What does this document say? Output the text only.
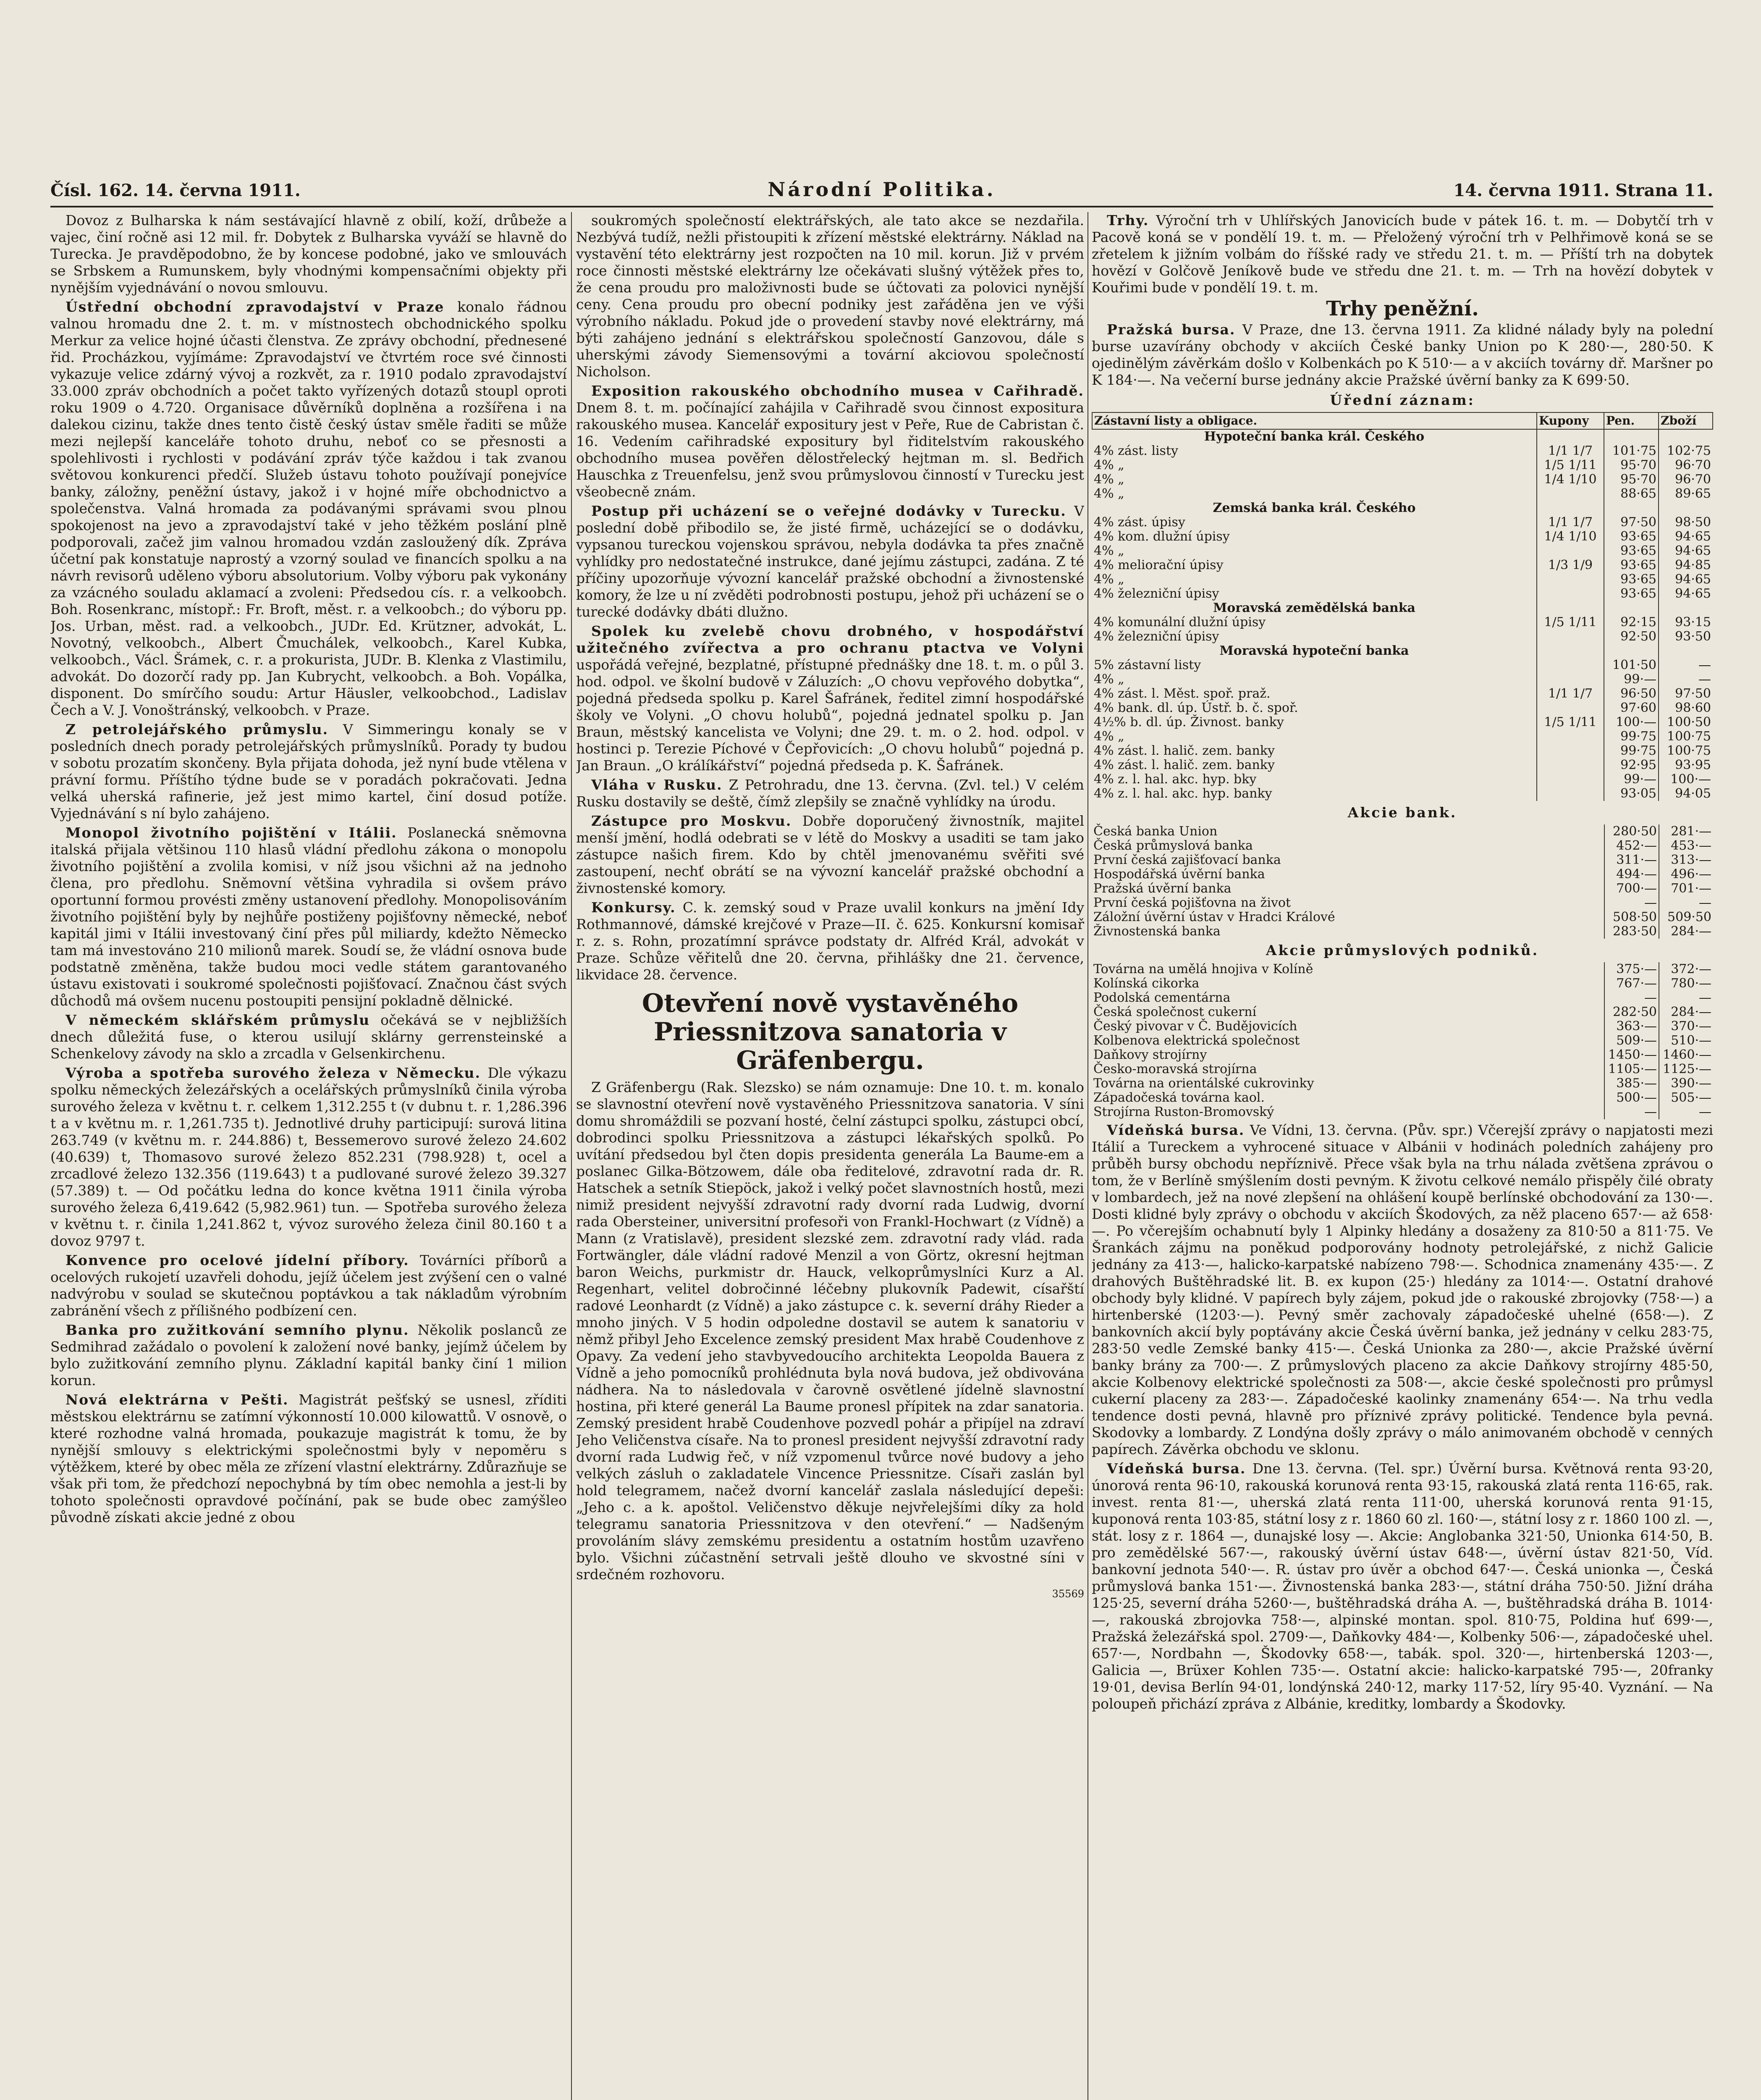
Čísl. 162. 14. června 1911.	Národní Politika.	14. června 1911. Strana 11.

Dovoz z Bulharska k nám sestávající hlavně z obilí, koží, drůbeže a vajec, činí ročně asi 12 mil. fr. Dobytek z Bulharska vyváží se hlavně do Turecka. Je pravděpodobno, že by koncese podobné, jako ve smlouvách se Srbskem a Rumunskem, byly vhodnými kompensačními objekty při nynějším vyjednávání o novou smlouvu.

Ústřední obchodní zpravodajství v Praze konalo řádnou valnou hromadu dne 2. t. m. v místnostech obchodnického spolku Merkur za velice hojné účasti členstva. Ze zprávy obchodní, přednesené řid. Procházkou, vyjímáme: Zpravodajství ve čtvrtém roce své činnosti vykazuje velice zdárný vývoj a rozkvět, za r. 1910 podalo zpravodajství 33.000 zpráv obchodních a počet takto vyřízených dotazů stoupl oproti roku 1909 o 4.720. Organisace důvěrníků doplněna a rozšířena i na dalekou cizinu, takže dnes tento čistě český ústav směle řaditi se může mezi nejlepší kanceláře tohoto druhu, neboť co se přesnosti a spolehlivosti i rychlosti v podávání zpráv týče každou i tak zvanou světovou konkurenci předčí. Služeb ústavu tohoto používají ponejvíce banky, záložny, peněžní ústavy, jakož i v hojné míře obchodnictvo a společenstva. Valná hromada za podávanými správami svou plnou spokojenost na jevo a zpravodajství také v jeho těžkém poslání plně podporovali, začež jim valnou hromadou vzdán zasloužený dík. Zpráva účetní pak konstatuje naprostý a vzorný soulad ve financích spolku a na návrh revisorů uděleno výboru absolutorium. Volby výboru pak vykonány za vzácného souladu aklamací a zvoleni: Předsedou cís. r. a velkoobch. Boh. Rosenkranc, místopř.: Fr. Broft, měst. r. a velkoobch.; do výboru pp. Jos. Urban, měst. rad. a velkoobch., JUDr. Ed. Krützner, advokát, L. Novotný, velkoobch., Albert Čmuchálek, velkoobch., Karel Kubka, velkoobch., Václ. Šrámek, c. r. a prokurista, JUDr. B. Klenka z Vlastimilu, advokát. Do dozorčí rady pp. Jan Kubrycht, velkoobch. a Boh. Vopálka, disponent. Do smírčího soudu: Artur Häusler, velkoobchod., Ladislav Čech a V. J. Vonoštránský, velkoobch. v Praze.

Z petrolejářského průmyslu. V Simmeringu konaly se v posledních dnech porady petrolejářských průmyslníků. Porady ty budou v sobotu prozatím skončeny. Byla přijata dohoda, jež nyní bude vtělena v právní formu. Příštího týdne bude se v poradách pokračovati. Jedna velká uherská rafinerie, jež jest mimo kartel, činí dosud potíže. Vyjednávání s ní bylo zahájeno.

Monopol životního pojištění v Itálii. Poslanecká sněmovna italská přijala většinou 110 hlasů vládní předlohu zákona o monopolu životního pojištění a zvolila komisi, v níž jsou všichni až na jednoho člena, pro předlohu. Sněmovní většina vyhradila si ovšem právo oportunní formou provésti změny ustanovení předlohy. Monopolisováním životního pojištění byly by nejhůře postiženy pojišťovny německé, neboť kapitál jimi v Itálii investovaný činí přes půl miliardy, kdežto Německo tam má investováno 210 milionů marek. Soudí se, že vládní osnova bude podstatně změněna, takže budou moci vedle státem garantovaného ústavu existovati i soukromé společnosti pojišťovací. Značnou část svých důchodů má ovšem nucenu postoupiti pensijní pokladně dělnické.

V německém sklářském průmyslu očekává se v nejbližších dnech důležitá fuse, o kterou usilují sklárny gerrensteinské a Schenkelovy závody na sklo a zrcadla v Gelsenkirchenu.

Výroba a spotřeba surového železa v Německu. Dle výkazu spolku německých železářských a ocelářských průmyslníků činila výroba surového železa v květnu t. r. celkem 1,312.255 t (v dubnu t. r. 1,286.396 t a v květnu m. r. 1,261.735 t). Jednotlivé druhy participují: surová litina 263.749 (v květnu m. r. 244.886) t, Bessemerovo surové železo 24.602 (40.639) t, Thomasovo surové železo 852.231 (798.928) t, ocel a zrcadlové železo 132.356 (119.643) t a pudlované surové železo 39.327 (57.389) t. — Od počátku ledna do konce května 1911 činila výroba surového železa 6,419.642 (5,982.961) tun. — Spotřeba surového železa v květnu t. r. činila 1,241.862 t, vývoz surového železa činil 80.160 t a dovoz 9797 t.

Konvence pro ocelové jídelní příbory. Továrníci příborů a ocelových rukojetí uzavřeli dohodu, jejíž účelem jest zvýšení cen o valné nadvýrobu v soulad se skutečnou poptávkou a tak nákladům výrobním zabránění všech z přílišného podbízení cen.

Banka pro zužitkování semního plynu. Několik poslanců ze Sedmihrad zažádalo o povolení k založení nové banky, jejímž účelem by bylo zužitkování zemního plynu. Základní kapitál banky činí 1 milion korun.

Nová elektrárna v Pešti. Magistrát pešťský se usnesl, zříditi městskou elektrárnu se zatímní výkonností 10.000 kilowattů. V osnově, o které rozhodne valná hromada, poukazuje magistrát k tomu, že by nynější smlouvy s elektrickými společnostmi byly v nepoměru s výtěžkem, které by obec měla ze zřízení vlastní elektrárny. Zdůrazňuje se však při tom, že předchozí nepochybná by tím obec nemohla a jest-li by tohoto společnosti opravdové počínání, pak se bude obec zamýšleo původně získati akcie jedné z obou

soukromých společností elektrářských, ale tato akce se nezdařila. Nezbývá tudíž, nežli přistoupiti k zřízení městské elektrárny. Náklad na vystavění této elektrárny jest rozpočten na 10 mil. korun. Již v prvém roce činnosti městské elektrárny lze očekávati slušný výtěžek přes to, že cena proudu pro maloživnosti bude se účtovati za polovici nynější ceny. Cena proudu pro obecní podniky jest zařáděna jen ve výši výrobního nákladu. Pokud jde o provedení stavby nové elektrárny, má býti zahájeno jednání s elektrářskou společností Ganzovou, dále s uherskými závody Siemensovými a tovární akciovou společností Nicholson.

Exposition rakouského obchodního musea v Cařihradě. Dnem 8. t. m. počínající zahájila v Cařihradě svou činnost expositura rakouského musea. Kancelář expositury jest v Peře, Rue de Cabristan č. 16. Vedením cařihradské expositury byl řiditelstvím rakouského obchodního musea pověřen dělostřelecký hejtman m. sl. Bedřich Hauschka z Treuenfelsu, jenž svou průmyslovou činností v Turecku jest všeobecně znám.

Postup při ucházení se o veřejné dodávky v Turecku. V poslední době přibodilo se, že jisté firmě, ucházející se o dodávku, vypsanou tureckou vojenskou správou, nebyla dodávka ta přes značně vyhlídky pro nedostatečné instrukce, dané jejímu zástupci, zadána. Z té příčiny upozorňuje vývozní kancelář pražské obchodní a živnostenské komory, že lze u ní zvěděti podrobnosti postupu, jehož při ucházení se o turecké dodávky dbáti dlužno.

Spolek ku zvelebě chovu drobného, v hospodářství užitečného zvířectva a pro ochranu ptactva ve Volyni uspořádá veřejné, bezplatné, přístupné přednášky dne 18. t. m. o půl 3. hod. odpol. ve školní budově v Záluzích: „O chovu vepřového dobytka“, pojedná předseda spolku p. Karel Šafránek, ředitel zimní hospodářské školy ve Volyni. „O chovu holubů“, pojedná jednatel spolku p. Jan Braun, městský kancelista ve Volyni; dne 29. t. m. o 2. hod. odpol. v hostinci p. Terezie Píchové v Čepřovicích: „O chovu holubů“ pojedná p. Jan Braun. „O králíkářství“ pojedná předseda p. K. Šafránek.

Vláha v Rusku. Z Petrohradu, dne 13. června. (Zvl. tel.) V celém Rusku dostavily se deště, čímž zlepšily se značně vyhlídky na úrodu.

Zástupce pro Moskvu. Dobře doporučený živnostník, majitel menší jmění, hodlá odebrati se v létě do Moskvy a usaditi se tam jako zástupce našich firem. Kdo by chtěl jmenovanému svěřiti své zastoupení, nechť obrátí se na vývozní kancelář pražské obchodní a živnostenské komory.

Konkursy. C. k. zemský soud v Praze uvalil konkurs na jmění Idy Rothmannové, dámské krejčové v Praze—II. č. 625. Konkursní komisař r. z. s. Rohn, prozatímní správce podstaty dr. Alfréd Král, advokát v Praze. Schůze věřitelů dne 20. června, přihlášky dne 21. července, likvidace 28. července.

Otevření nově vystavěného Priessnitzova sanatoria v Gräfenbergu.

Z Gräfenbergu (Rak. Slezsko) se nám oznamuje: Dne 10. t. m. konalo se slavnostní otevření nově vystavěného Priessnitzova sanatoria. V síni domu shromáždili se pozvaní hosté, čelní zástupci spolku, zástupci obcí, dobrodinci spolku Priessnitzova a zástupci lékařských spolků. Po uvítání předsedou byl čten dopis presidenta generála La Baume-em a poslanec Gilka-Bötzowem, dále oba ředitelové, zdravotní rada dr. R. Hatschek a setník Stiepöck, jakož i velký počet slavnostních hostů, mezi nimiž president nejvyšší zdravotní rady dvorní rada Ludwig, dvorní rada Obersteiner, universitní profesoři von Frankl-Hochwart (z Vídně) a Mann (z Vratislavě), president slezské zem. zdravotní rady vlád. rada Fortwängler, dále vládní radové Menzil a von Görtz, okresní hejtman baron Weichs, purkmistr dr. Hauck, velkoprůmyslníci Kurz a Al. Regenhart, velitel dobročinné léčebny plukovník Padewit, císařští radové Leonhardt (z Vídně) a jako zástupce c. k. severní dráhy Rieder a mnoho jiných. V 5 hodin odpoledne dostavil se autem k sanatoriu v němž přibyl Jeho Excelence zemský president Max hrabě Coudenhove z Opavy. Za vedení jeho stavbyvedoucího architekta Leopolda Bauera z Vídně a jeho pomocníků prohlédnuta byla nová budova, jež obdivována nádhera. Na to následovala v čarovně osvětlené jídelně slavnostní hostina, při které generál La Baume pronesl přípitek na zdar sanatoria. Zemský president hrabě Coudenhove pozvedl pohár a připíjel na zdraví Jeho Veličenstva císaře. Na to pronesl president nejvyšší zdravotní rady dvorní rada Ludwig řeč, v níž vzpomenul tvůrce nové budovy a jeho velkých zásluh o zakladatele Vincence Priessnitze. Císaři zaslán byl hold telegramem, načež dvorní kancelář zaslala následující depeši: „Jeho c. a k. apoštol. Veličenstvo děkuje nejvřelejšími díky za hold telegramu sanatoria Priessnitzova v den otevření.“ — Nadšeným provoláním slávy zemskému presidentu a ostatním hostům uzavřeno bylo. Všichni zúčastnění setrvali ještě dlouho ve skvostné síni v srdečném rozhovoru.

35569

Trhy. Výroční trh v Uhlířských Janovicích bude v pátek 16. t. m. — Dobytčí trh v Pacově koná se v pondělí 19. t. m. — Přeložený výroční trh v Pelhřimově koná se se zřetelem k jižním volbám do říšské rady ve středu 21. t. m. — Příští trh na dobytek hovězí v Golčově Jeníkově bude ve středu dne 21. t. m. — Trh na hovězí dobytek v Kouřimi bude v pondělí 19. t. m.

Trhy peněžní.

Pražská bursa. V Praze, dne 13. června 1911. Za klidné nálady byly na polední burse uzavírány obchody v akciích České banky Union po K 280·—, 280·50. K ojedinělým závěrkám došlo v Kolbenkách po K 510·— a v akciích továrny dř. Maršner po K 184·—. Na večerní burse jednány akcie Pražské úvěrní banky za K 699·50.

Úřední záznam:
Zástavní listy a obligace.	Kupony	Pen.	Zboží
Hypoteční banka král. Českého			
4% zást. listy	1/1 1/7	101·75	102·75
4% „	1/5 1/11	95·70	96·70
4% „	1/4 1/10	95·70	96·70
4% „		88·65	89·65
Zemská banka král. Českého			
4% zást. úpisy	1/1 1/7	97·50	98·50
4% kom. dlužní úpisy	1/4 1/10	93·65	94·65
4% „		93·65	94·65
4% meliorační úpisy	1/3 1/9	93·65	94·85
4% „		93·65	94·65
4% železniční úpisy		93·65	94·65
Moravská zemědělská banka			
4% komunální dlužní úpisy	1/5 1/11	92·15	93·15
4% železniční úpisy		92·50	93·50
Moravská hypoteční banka			
5% zástavní listy		101·50	—
4% „		99·—	—
4% zást. l. Měst. spoř. praž.	1/1 1/7	96·50	97·50
4% bank. dl. úp. Ústř. b. č. spoř.		97·60	98·60
4½% b. dl. úp. Živnost. banky	1/5 1/11	100·—	100·50
4% „		99·75	100·75
4% zást. l. halič. zem. banky		99·75	100·75
4% zást. l. halič. zem. banky		92·95	93·95
4% z. l. hal. akc. hyp. bky		99·—	100·—
4% z. l. hal. akc. hyp. banky		93·05	94·05
Akcie bank.
Česká banka Union	280·50	281·—
Česká průmyslová banka	452·—	453·—
První česká zajišťovací banka	311·—	313·—
Hospodářská úvěrní banka	494·—	496·—
Pražská úvěrní banka	700·—	701·—
První česká pojišťovna na život	—	—
Záložní úvěrní ústav v Hradci Králové	508·50	509·50
Živnostenská banka	283·50	284·—
Akcie průmyslových podniků.
Továrna na umělá hnojiva v Kolíně	375·—	372·—
Kolínská cikorka	767·—	780·—
Podolská cementárna	—	—
Česká společnost cukerní	282·50	284·—
Český pivovar v Č. Budějovicích	363·—	370·—
Kolbenova elektrická společnost	509·—	510·—
Daňkovy strojírny	1450·—	1460·—
Česko-moravská strojírna	1105·—	1125·—
Továrna na orientálské cukrovinky	385·—	390·—
Západočeská továrna kaol.	500·—	505·—
Strojírna Ruston-Bromovský	—	—

Vídeňská bursa. Ve Vídni, 13. června. (Pův. spr.) Včerejší zprávy o napjatosti mezi Itálií a Tureckem a vyhrocené situace v Albánii v hodinách poledních zahájeny pro průběh bursy obchodu nepříznivě. Přece však byla na trhu nálada zvětšena zprávou o tom, že v Berlíně smýšlením dosti pevným. K životu celkové nemálo přispěly čilé obraty v lombardech, jež na nové zlepšení na ohlášení koupě berlínské obchodování za 130·—. Dosti klidné byly zprávy o obchodu v akciích Škodových, za něž placeno 657·— až 658·—. Po včerejším ochabnutí byly 1 Alpinky hledány a dosaženy za 810·50 a 811·75. Ve Šrankách zájmu na poněkud podporovány hodnoty petrolejářské, z nichž Galicie jednány za 413·—, halicko-karpatské nabízeno 798·—. Schodnica znamenány 435·—. Z drahových Buštěhradské lit. B. ex kupon (25·) hledány za 1014·—. Ostatní drahové obchody byly klidné. V papírech byly zájem, pokud jde o rakouské zbrojovky (758·—) a hirtenberské (1203·—). Pevný směr zachovaly západočeské uhelné (658·—). Z bankovních akcií byly poptávány akcie Česká úvěrní banka, jež jednány v celku 283·75, 283·50 vedle Zemské banky 415·—. Česká Unionka za 280·—, akcie Pražské úvěrní banky brány za 700·—. Z průmyslových placeno za akcie Daňkovy strojírny 485·50, akcie Kolbenovy elektrické společnosti za 508·—, akcie české společnosti pro průmysl cukerní placeny za 283·—. Západočeské kaolinky znamenány 654·—. Na trhu vedla tendence dosti pevná, hlavně pro příznivé zprávy politické. Tendence byla pevná. Skodovky a lombardy. Z Londýna došly zprávy o málo animovaném obchodě v cenných papírech. Závěrka obchodu ve sklonu.

Vídeňská bursa. Dne 13. června. (Tel. spr.) Úvěrní bursa. Květnová renta 93·20, únorová renta 96·10, rakouská korunová renta 93·15, rakouská zlatá renta 116·65, rak. invest. renta 81·—, uherská zlatá renta 111·00, uherská korunová renta 91·15, kuponová renta 103·85, státní losy z r. 1860 60 zl. 160·—, státní losy z r. 1860 100 zl. —, stát. losy z r. 1864 —, dunajské losy —. Akcie: Anglobanka 321·50, Unionka 614·50, B. pro zemědělské 567·—, rakouský úvěrní ústav 648·—, úvěrní ústav 821·50, Víd. bankovní jednota 540·—. R. ústav pro úvěr a obchod 647·—. Česká unionka —, Česká průmyslová banka 151·—. Živnostenská banka 283·—, státní dráha 750·50. Jižní dráha 125·25, severní dráha 5260·—, buštěhradská dráha A. —, buštěhradská dráha B. 1014·—, rakouská zbrojovka 758·—, alpinské montan. spol. 810·75, Poldina huť 699·—, Pražská železářská spol. 2709·—, Daňkovky 484·—, Kolbenky 506·—, západočeské uhel. 657·—, Nordbahn —, Škodovky 658·—, tabák. spol. 320·—, hirtenberská 1203·—, Galicia —, Brüxer Kohlen 735·—. Ostatní akcie: halicko-karpatské 795·—, 20franky 19·01, devisa Berlín 94·01, londýnská 240·12, marky 117·52, líry 95·40. Vyznání. — Na poloupeň přichází zpráva z Albánie, kreditky, lombardy a Škodovky.
